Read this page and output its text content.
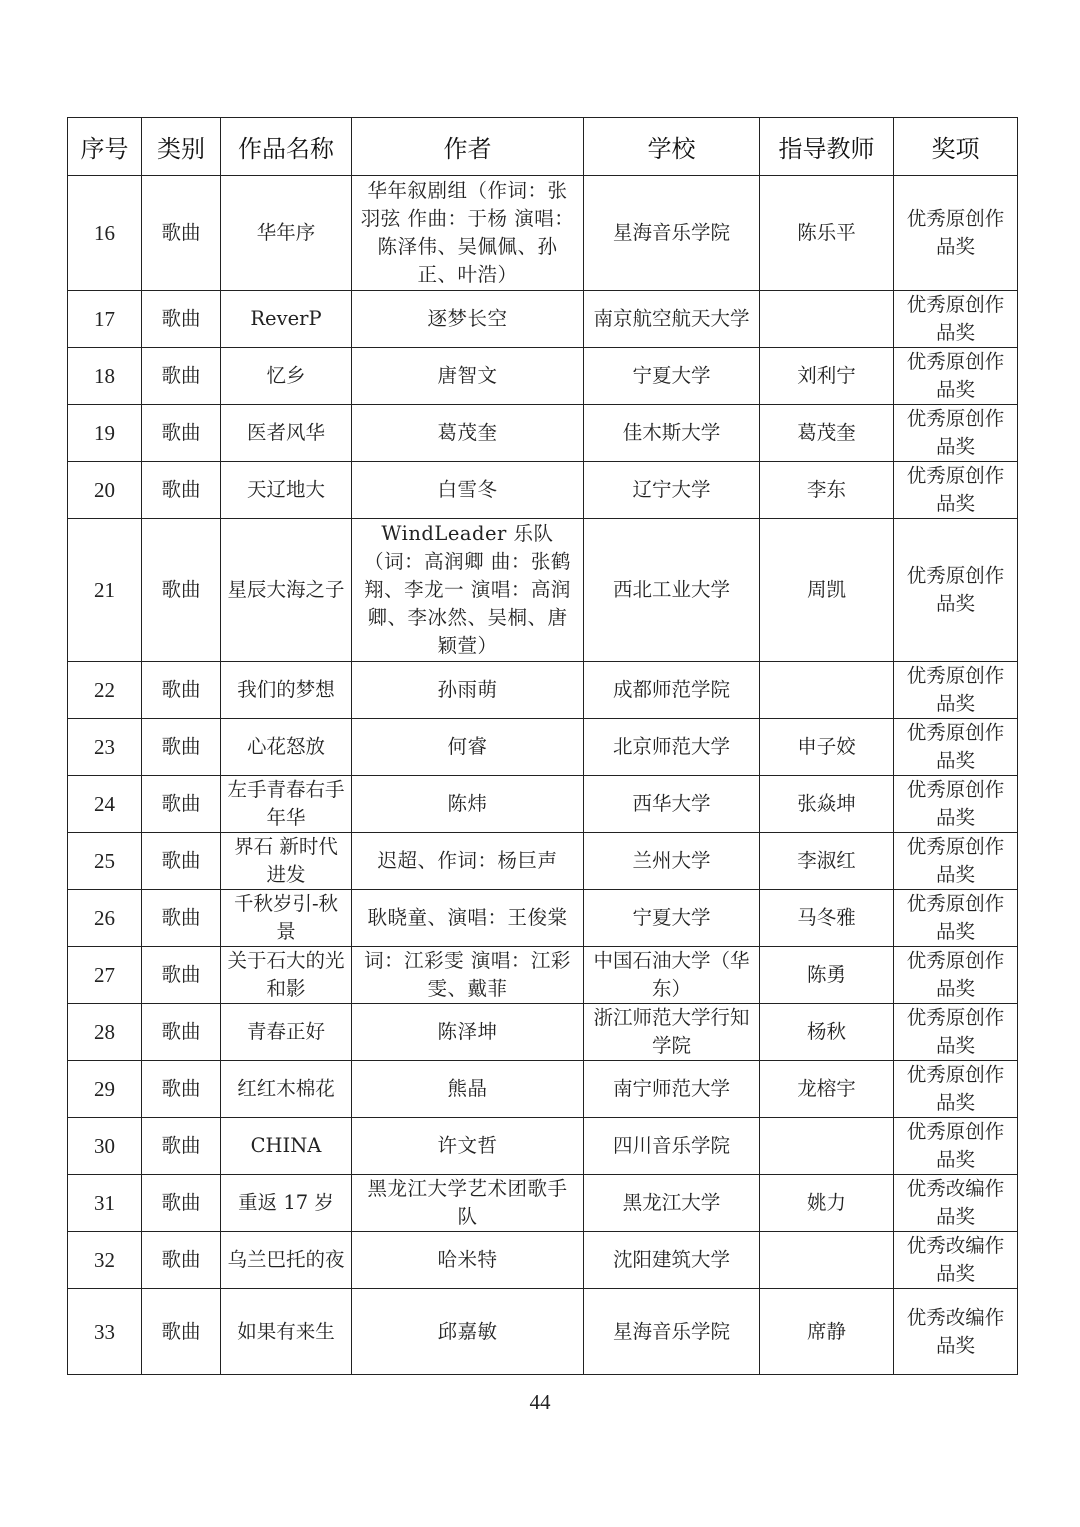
序号	类别	作品名称	作者	学校	指导教师	奖项
16	歌曲	华年序	华年叙剧组（作词：张羽弦 作曲：于杨 演唱：陈泽伟、吴佩佩、孙正、叶浩）	星海音乐学院	陈乐平	优秀原创作品奖
17	歌曲	ReverP	逐梦长空	南京航空航天大学		优秀原创作品奖
18	歌曲	忆乡	唐智文	宁夏大学	刘利宁	优秀原创作品奖
19	歌曲	医者风华	葛茂奎	佳木斯大学	葛茂奎	优秀原创作品奖
20	歌曲	天辽地大	白雪冬	辽宁大学	李东	优秀原创作品奖
21	歌曲	星辰大海之子	WindLeader 乐队（词：高润卿 曲：张鹤翔、李龙一 演唱：高润卿、李冰然、吴桐、唐颖萱）	西北工业大学	周凯	优秀原创作品奖
22	歌曲	我们的梦想	孙雨萌	成都师范学院		优秀原创作品奖
23	歌曲	心花怒放	何睿	北京师范大学	申子姣	优秀原创作品奖
24	歌曲	左手青春右手年华	陈炜	西华大学	张焱坤	优秀原创作品奖
25	歌曲	界石 新时代进发	迟超、作词：杨巨声	兰州大学	李淑红	优秀原创作品奖
26	歌曲	千秋岁引-秋景	耿晓童、演唱：王俊棠	宁夏大学	马冬雅	优秀原创作品奖
27	歌曲	关于石大的光和影	词：江彩雯 演唱：江彩雯、戴菲	中国石油大学（华东）	陈勇	优秀原创作品奖
28	歌曲	青春正好	陈泽坤	浙江师范大学行知学院	杨秋	优秀原创作品奖
29	歌曲	红红木棉花	熊晶	南宁师范大学	龙榕宇	优秀原创作品奖
30	歌曲	CHINA	许文哲	四川音乐学院		优秀原创作品奖
31	歌曲	重返 17 岁	黑龙江大学艺术团歌手队	黑龙江大学	姚力	优秀改编作品奖
32	歌曲	乌兰巴托的夜	哈米特	沈阳建筑大学		优秀改编作品奖
33	歌曲	如果有来生	邱嘉敏	星海音乐学院	席静	优秀改编作品奖
44
